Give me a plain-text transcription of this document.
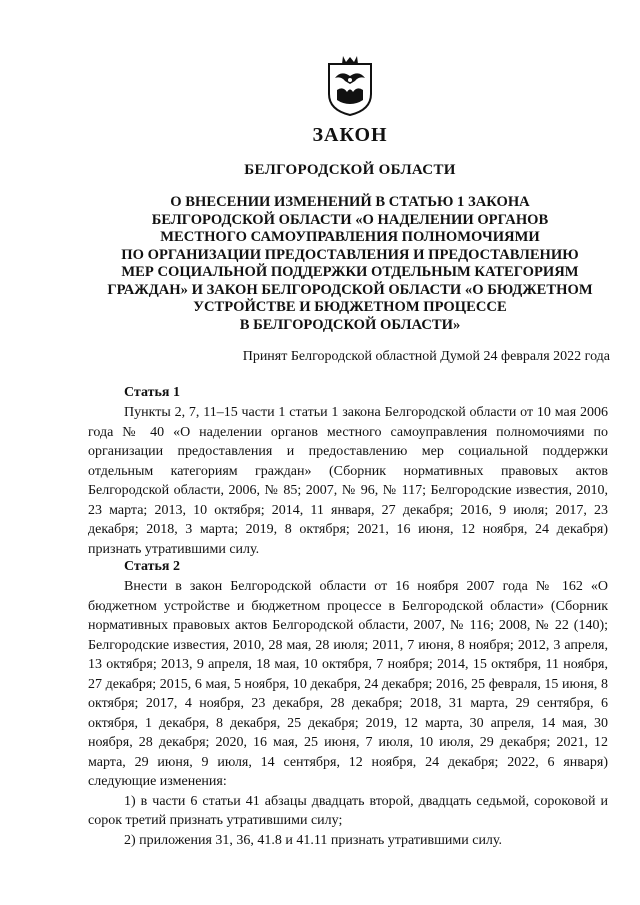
ЗАКОН
БЕЛГОРОДСКОЙ ОБЛАСТИ
О ВНЕСЕНИИ ИЗМЕНЕНИЙ В СТАТЬЮ 1 ЗАКОНА
БЕЛГОРОДСКОЙ ОБЛАСТИ «О НАДЕЛЕНИИ ОРГАНОВ
МЕСТНОГО САМОУПРАВЛЕНИЯ ПОЛНОМОЧИЯМИ
ПО ОРГАНИЗАЦИИ ПРЕДОСТАВЛЕНИЯ И ПРЕДОСТАВЛЕНИЮ
МЕР СОЦИАЛЬНОЙ ПОДДЕРЖКИ ОТДЕЛЬНЫМ КАТЕГОРИЯМ
ГРАЖДАН» И ЗАКОН БЕЛГОРОДСКОЙ ОБЛАСТИ «О БЮДЖЕТНОМ
УСТРОЙСТВЕ И БЮДЖЕТНОМ ПРОЦЕССЕ
В БЕЛГОРОДСКОЙ ОБЛАСТИ»
Принят Белгородской областной Думой 24 февраля 2022 года
Статья 1

Пункты 2, 7, 11–15 части 1 статьи 1 закона Белгородской области от 10 мая 2006 года № 40 «О наделении органов местного самоуправления полномочиями по организации предоставления и предоставлению мер социальной поддержки отдельным категориям граждан» (Сборник нормативных правовых актов Белгородской области, 2006, № 85; 2007, № 96, № 117; Белгородские известия, 2010, 23 марта; 2013, 10 октября; 2014, 11 января, 27 декабря; 2016, 9 июля; 2017, 23 декабря; 2018, 3 марта; 2019, 8 октября; 2021, 16 июня, 12 ноября, 24 декабря) признать утратившими силу.

Статья 2

Внести в закон Белгородской области от 16 ноября 2007 года № 162 «О бюджетном устройстве и бюджетном процессе в Белгородской области» (Сборник нормативных правовых актов Белгородской области, 2007, № 116; 2008, № 22 (140); Белгородские известия, 2010, 28 мая, 28 июля; 2011, 7 июня, 8 ноября; 2012, 3 апреля, 13 октября; 2013, 9 апреля, 18 мая, 10 октября, 7 ноября; 2014, 15 октября, 11 ноября, 27 декабря; 2015, 6 мая, 5 ноября, 10 декабря, 24 декабря; 2016, 25 февраля, 15 июня, 8 октября; 2017, 4 ноября, 23 декабря, 28 декабря; 2018, 31 марта, 29 сентября, 6 октября, 1 декабря, 8 декабря, 25 декабря; 2019, 12 марта, 30 апреля, 14 мая, 30 ноября, 28 декабря; 2020, 16 мая, 25 июня, 7 июля, 10 июля, 29 декабря; 2021, 12 марта, 29 июня, 9 июля, 14 сентября, 12 ноября, 24 декабря; 2022, 6 января) следующие изменения:

1) в части 6 статьи 41 абзацы двадцать второй, двадцать седьмой, сороковой и сорок третий признать утратившими силу;

2) приложения 31, 36, 41.8 и 41.11 признать утратившими силу.
